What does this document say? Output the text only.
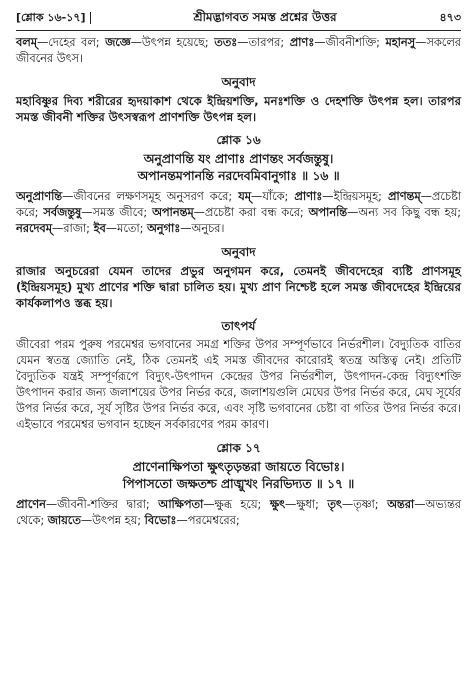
[শ্লোক ১৬-১৭]	শ্রীমদ্ভাগবত সমস্ত প্রশ্নের উত্তর	৪৭৩

বলম্—দেহের বল; জজ্ঞে—উৎপন্ন হয়েছে; ততঃ—তারপর; প্রাণঃ—জীবনীশক্তি; মহানসু—সকলের জীবনের উৎস।

অনুবাদ

মহাবিষ্ণুর দিব্য শরীরের হৃদয়াকাশ থেকে ইন্দ্রিয়শক্তি, মনঃশক্তি ও দেহশক্তি উৎপন্ন হল। তারপর সমস্ত জীবনী শক্তির উৎসস্বরূপ প্রাণশক্তি উৎপন্ন হল।

শ্লোক ১৬
অনুপ্রাণন্তি যং প্রাণাঃ প্রাণন্তং সর্বজন্তুষু।
অপানন্তমপানন্তি নরদেবমিবানুগাঃ ॥ ১৬ ॥

অনুপ্রাণন্তি—জীবনের লক্ষণসমূহ অনুসরণ করে; যম্—যাঁকে; প্রাণাঃ—ইন্দ্রিয়সমূহ; প্রাণন্তম্—প্রচেষ্টা করে; সর্বজন্তুষু—সমস্ত জীবে; অপানন্তম্—প্রচেষ্টা করা বন্ধ করে; অপানন্তি—অন্য সব কিছু বন্ধ হয়; নরদেবম্—রাজা; ইব—মতো; অনুগাঃ—অনুচর।

অনুবাদ

রাজার অনুচরেরা যেমন তাদের প্রভুর অনুগমন করে, তেমনই জীবদেহের ব্যষ্টি প্রাণসমূহ (ইন্দ্রিয়সমূহ) মুখ্য প্রাণের শক্তি দ্বারা চালিত হয়। মুখ্য প্রাণ নিশ্চেষ্ট হলে সমস্ত জীবদেহের ইন্দ্রিয়ের কার্যকলাপও স্তব্ধ হয়।

তাৎপর্য

জীবেরা পরম পুরুষ পরমেশ্বর ভগবানের সমগ্র শক্তির উপর সম্পূর্ণভাবে নির্ভরশীল। বৈদ্যুতিক বাতির যেমন স্বতন্ত্র জ্যোতি নেই, ঠিক তেমনই এই সমস্ত জীবদের কারোরই স্বতন্ত্র অস্তিত্ব নেই। প্রতিটি বৈদ্যুতিক যন্ত্রই সম্পূর্ণরূপে বিদ্যুৎ-উৎপাদন কেন্দ্রের উপর নির্ভরশীল, উৎপাদন-কেন্দ্র বিদ্যুৎশক্তি উৎপাদন করার জন্য জলাশয়ের উপর নির্ভর করে, জলাশয়গুলি মেঘের উপর নির্ভর করে, মেঘ সূর্যের উপর নির্ভর করে, সূর্য সৃষ্টির উপর নির্ভর করে, এবং সৃষ্টি ভগবানের চেষ্টা বা গতির উপর নির্ভর করে। এইভাবে পরমেশ্বর ভগবান হচ্ছেন সর্বকারণের পরম কারণ।

শ্লোক ১৭
প্রাণেনাক্ষিপতা ক্ষুৎতৃড়ন্তরা জায়তে বিভোঃ।
পিপাসতো জক্ষতশ্চ প্রাঙ্মুখং নিরভিদ্যত ॥ ১৭ ॥

প্রাণেন—জীবনী-শক্তির দ্বারা; আক্ষিপতা—ক্ষুব্ধ হয়ে; ক্ষুৎ—ক্ষুধা; তৃৎ—তৃষ্ণা; অন্তরা—অভ্যন্তর থেকে; জায়তে—উৎপন্ন হয়; বিভোঃ—পরমেশ্বরের;
